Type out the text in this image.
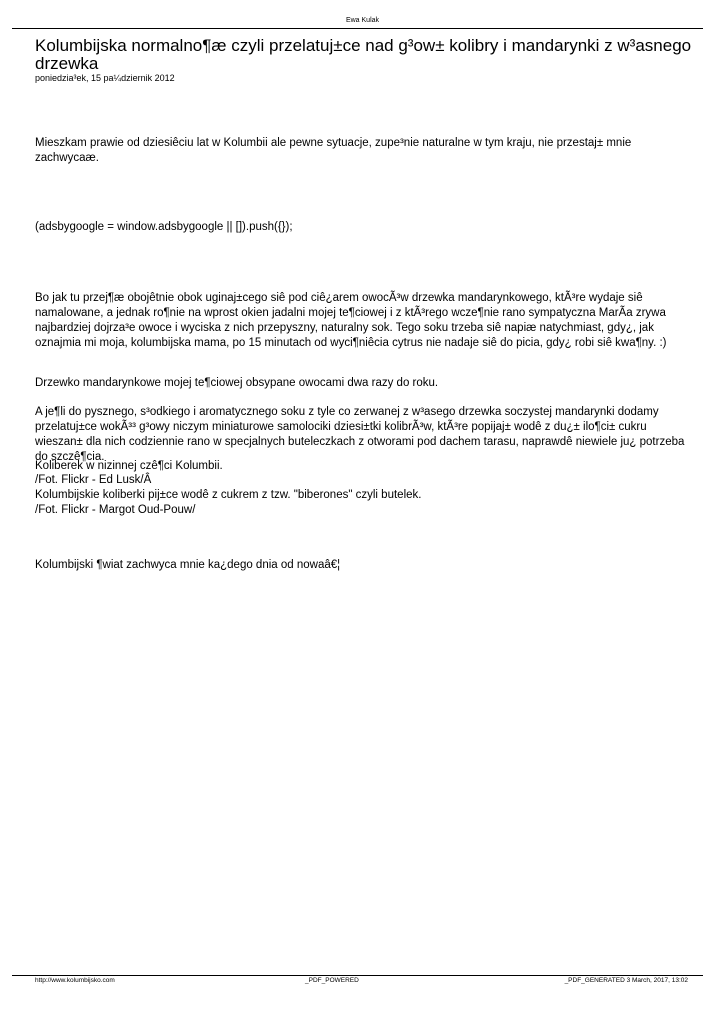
Ewa Kulak
Kolumbijska normalno¶æ czyli przelatuj±ce nad g³ow± kolibry i mandarynki z w³asnego drzewka
poniedzia³ek, 15 pa¼dziernik 2012

Mieszkam prawie od dziesiêciu lat w Kolumbii ale pewne sytuacje, zupe³nie naturalne w tym kraju, nie przestaj± mnie zachwycaæ.

(adsbygoogle = window.adsbygoogle || []).push({});

Bo jak tu przej¶æ obojêtnie obok uginaj±cego siê pod ciê¿arem owocÃ³w drzewka mandarynkowego, ktÃ³re wydaje siê namalowane, a jednak ro¶nie na wprost okien jadalni mojej te¶ciowej i z ktÃ³rego wcze¶nie rano sympatyczna MarÃa zrywa najbardziej dojrza³e owoce i wyciska z nich przepyszny, naturalny sok. Tego soku trzeba siê napiæ natychmiast, gdy¿, jak oznajmia mi moja, kolumbijska mama, po 15 minutach od wyci¶niêcia cytrus nie nadaje siê do picia, gdy¿ robi siê kwa¶ny. :)

Drzewko mandarynkowe mojej te¶ciowej obsypane owocami dwa razy do roku.

A je¶li do pysznego, s³odkiego i aromatycznego soku z tyle co zerwanej z w³asego drzewka soczystej mandarynki dodamy przelatuj±ce wokÃ³³ g³owy niczym miniaturowe samolociki dziesi±tki kolibrÃ³w, ktÃ³re popijaj± wodê z du¿± ilo¶ci± cukru wieszan± dla nich codziennie rano w specjalnych buteleczkach z otworami pod dachem tarasu, naprawdê niewiele ju¿ potrzeba do szczê¶cia.

Koliberek w nizinnej czê¶ci Kolumbii.
/Fot. Flickr - Ed Lusk/Â
Kolumbijskie koliberki pij±ce wodê z cukrem z tzw. "biberones" czyli butelek.
/Fot. Flickr - Margot Oud-Pouw/
Kolumbijski ¶wiat zachwyca mnie ka¿dego dnia od nowaâ€¦
http://www.kolumbijsko.com	_PDF_POWERED	_PDF_GENERATED 3 March, 2017, 13:02
